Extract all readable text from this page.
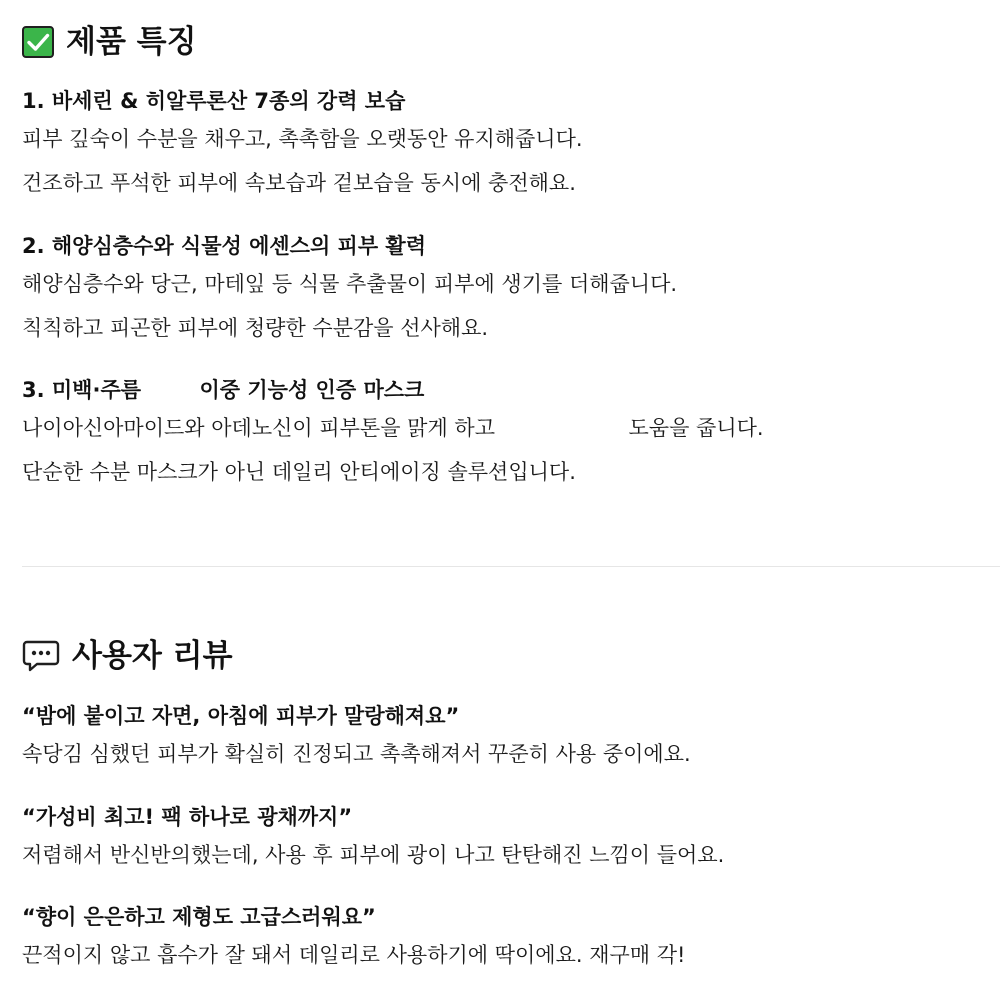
제품 특징
1. 바세린 & 히알루론산 7종의 강력 보습
피부 깊숙이 수분을 채우고, 촉촉함을 오랫동안 유지해줍니다.
건조하고 푸석한 피부에 속보습과 겉보습을 동시에 충전해요.
2. 해양심층수와 식물성 에센스의 피부 활력
해양심층수와 당근, 마테잎 등 식물 추출물이 피부에 생기를 더해줍니다.
칙칙하고 피곤한 피부에 청량한 수분감을 선사해요.
3. 미백·주름        이중 기능성 인증 마스크
나이아신아마이드와 아데노신이 피부톤을 맑게 하고                    도움을 줍니다.
단순한 수분 마스크가 아닌 데일리 안티에이징 솔루션입니다.
사용자 리뷰
“밤에 붙이고 자면, 아침에 피부가 말랑해져요”
속당김 심했던 피부가 확실히 진정되고 촉촉해져서 꾸준히 사용 중이에요.
“가성비 최고! 팩 하나로 광채까지”
저렴해서 반신반의했는데, 사용 후 피부에 광이 나고 탄탄해진 느낌이 들어요.
“향이 은은하고 제형도 고급스러워요”
끈적이지 않고 흡수가 잘 돼서 데일리로 사용하기에 딱이에요. 재구매 각!
